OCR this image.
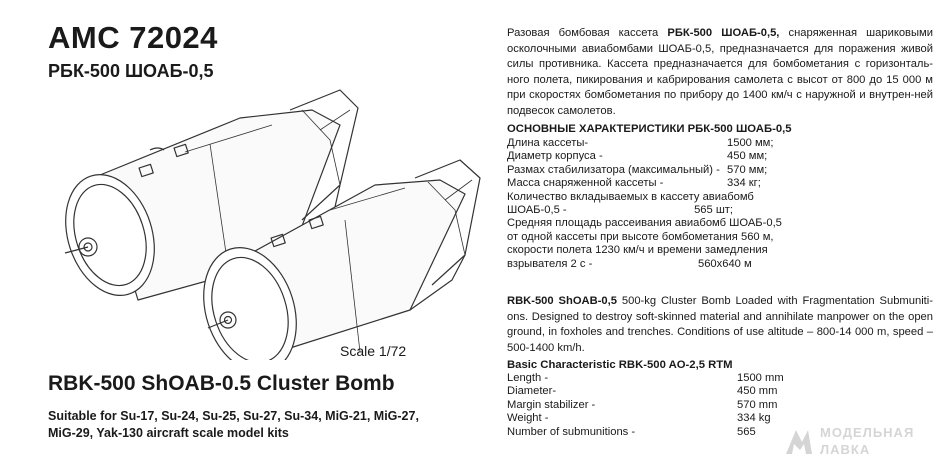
AMC 72024
РБК-500 ШОАБ-0,5
Scale 1/72
RBK-500 ShOAB-0.5 Cluster Bomb
Suitable for Su-17, Su-24, Su-25, Su-27, Su-34, MiG-21, MiG-27,
MiG-29, Yak-130 aircraft scale model kits
Разовая бомбовая кассета РБК-500 ШОАБ-0,5, снаряженная шариковыми осколочными авиабомбами ШОАБ-0,5, предназначается для поражения живой силы противника. Кассета предназначается для бомбометания с горизонталь-ного полета, пикирования и кабрирования самолета с высот от 800 до 15 000 м при скоростях бомбометания по прибору до 1400 км/ч с наружной и внутрен-ней подвесок самолетов.
ОСНОВНЫЕ ХАРАКТЕРИСТИКИ РБК-500 ШОАБ-0,5
Длина кассеты-	1500 мм;
Диаметр корпуса -	450 мм;
Размах стабилизатора (максимальный) - 570 мм;
Масса снаряженной кассеты -	334 кг;
Количество вкладываемых в кассету авиабомб
ШОАБ-0,5 -                                         565 шт;
Средняя площадь рассеивания авиабомб ШОАБ-0,5
от одной кассеты при высоте бомбометания 560 м,
скорости полета 1230 км/ч и времени замедления
взрывателя 2 с -                                  560х640 м
RBK-500 ShOAB-0,5 500-kg Cluster Bomb Loaded with Fragmentation Submuniti-ons. Designed to destroy soft-skinned material and annihilate manpower on the open ground, in foxholes and trenches. Conditions of use altitude – 800-14 000 m, speed – 500-1400 km/h.
Basic Characteristic RBK-500 AO-2,5 RTM
Length -	1500 mm
Diameter-	450 mm
Margin stabilizer -	570 mm
Weight -	334 kg
Number of submunitions -	565	МОДЕЛЬНАЯ
ЛАВКА
